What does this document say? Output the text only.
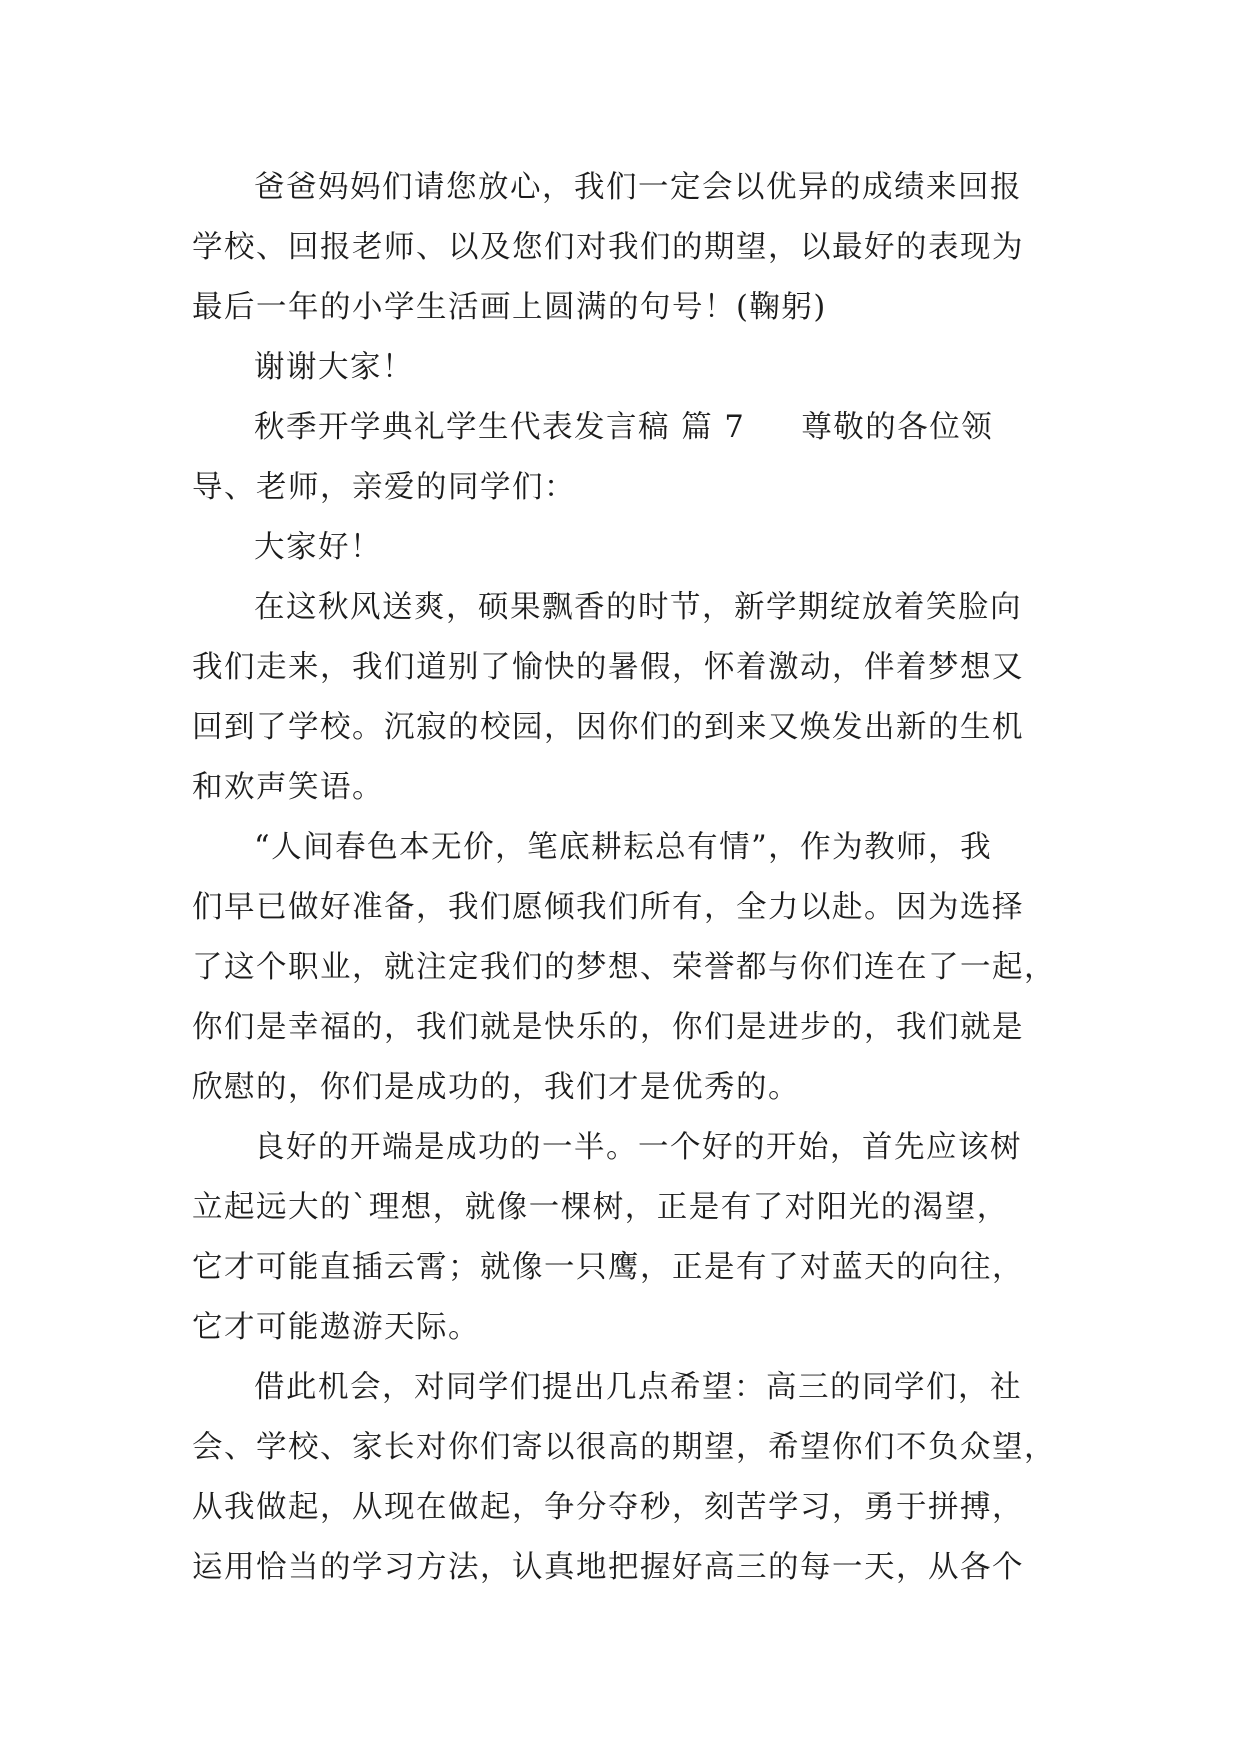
爸爸妈妈们请您放心，我们一定会以优异的成绩来回报
学校、回报老师、以及您们对我们的期望，以最好的表现为
最后一年的小学生活画上圆满的句号！(鞠躬)
谢谢大家！
秋季开学典礼学生代表发言稿 篇 7 尊敬的各位领
导、老师，亲爱的同学们：
大家好！
在这秋风送爽，硕果飘香的时节，新学期绽放着笑脸向
我们走来，我们道别了愉快的暑假，怀着激动，伴着梦想又
回到了学校。沉寂的校园，因你们的到来又焕发出新的生机
和欢声笑语。
“人间春色本无价，笔底耕耘总有情”，作为教师，我
们早已做好准备，我们愿倾我们所有，全力以赴。因为选择
了这个职业，就注定我们的梦想、荣誉都与你们连在了一起，
你们是幸福的，我们就是快乐的，你们是进步的，我们就是
欣慰的，你们是成功的，我们才是优秀的。
良好的开端是成功的一半。一个好的开始，首先应该树
立起远大的`理想，就像一棵树，正是有了对阳光的渴望，
它才可能直插云霄；就像一只鹰，正是有了对蓝天的向往，
它才可能遨游天际。
借此机会，对同学们提出几点希望：高三的同学们，社
会、学校、家长对你们寄以很高的期望，希望你们不负众望，
从我做起，从现在做起，争分夺秒，刻苦学习，勇于拼搏，
运用恰当的学习方法，认真地把握好高三的每一天，从各个
